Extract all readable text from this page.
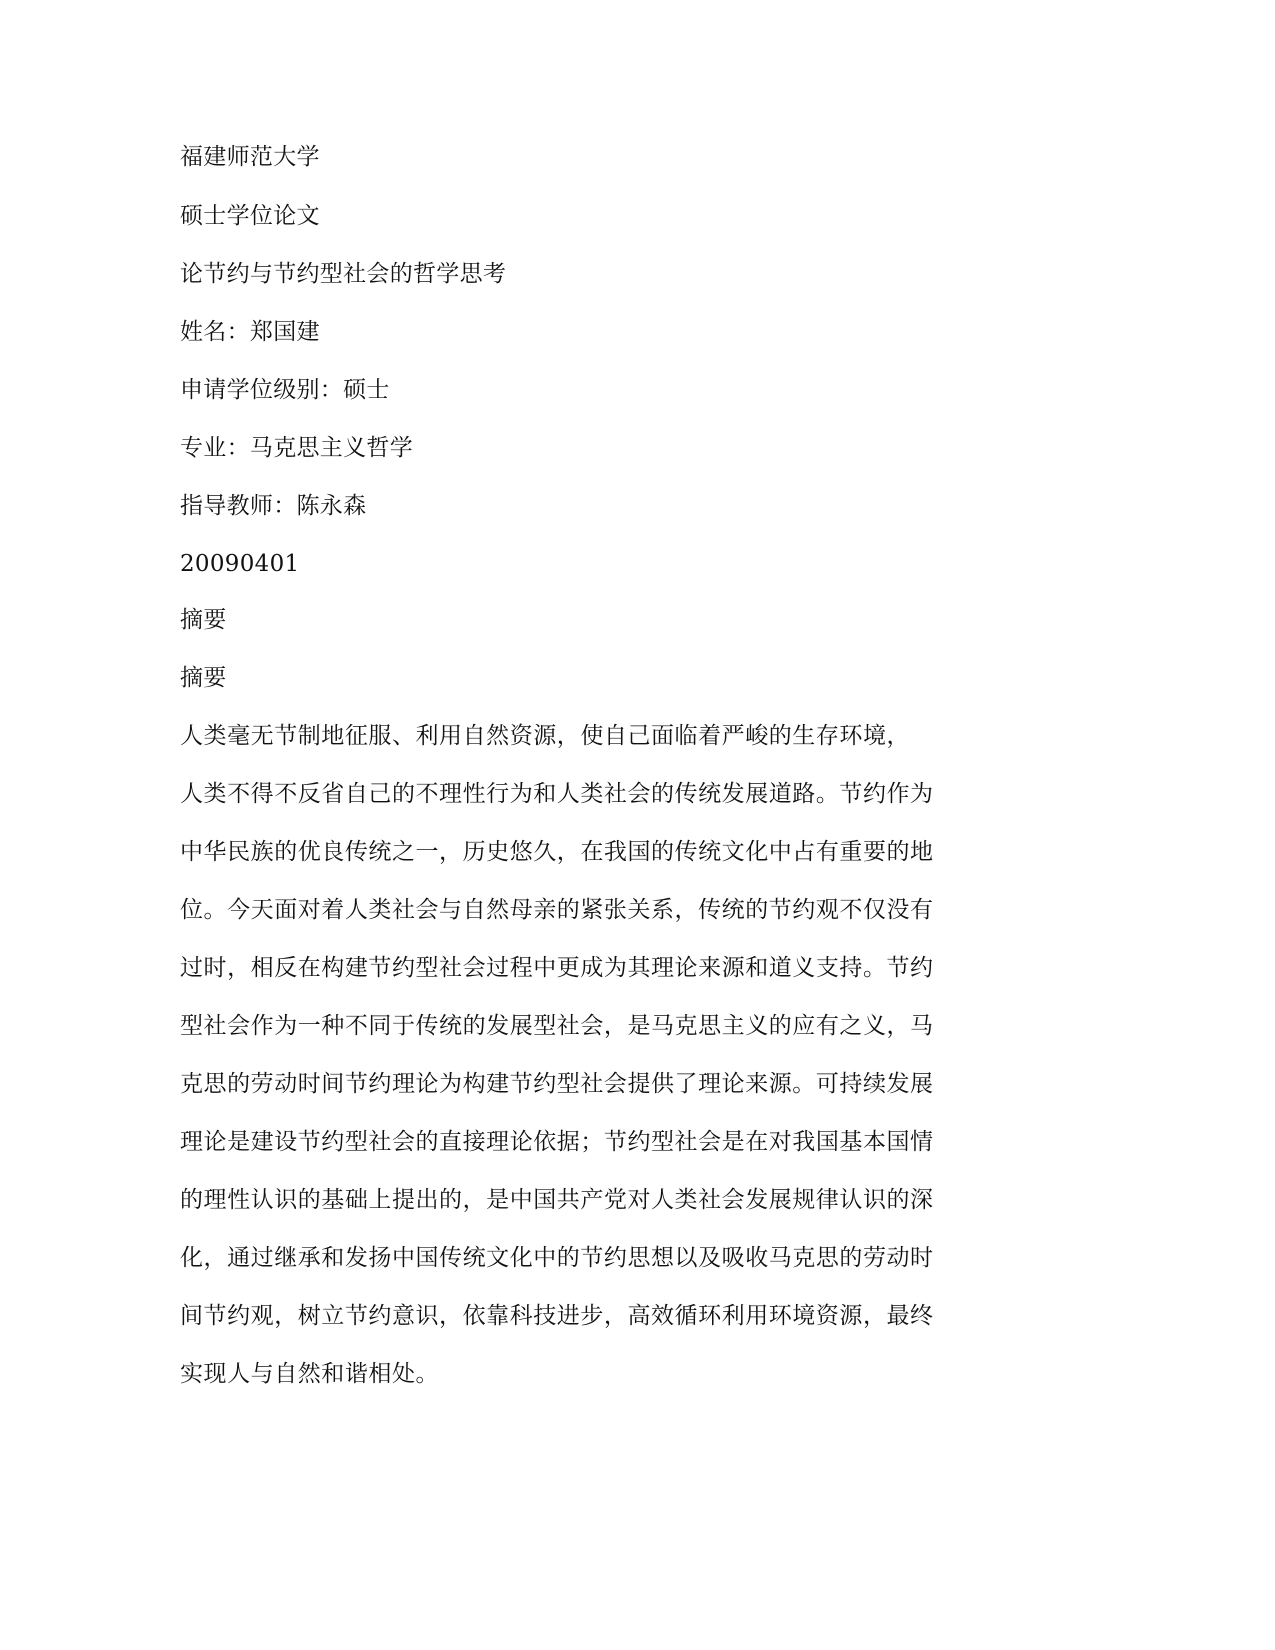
福建师范大学

硕士学位论文

论节约与节约型社会的哲学思考

姓名：郑国建

申请学位级别：硕士

专业：马克思主义哲学

指导教师：陈永森

20090401

摘要

摘要

人类毫无节制地征服、利用自然资源，使自己面临着严峻的生存环境，
人类不得不反省自己的不理性行为和人类社会的传统发展道路。节约作为
中华民族的优良传统之一，历史悠久，在我国的传统文化中占有重要的地
位。今天面对着人类社会与自然母亲的紧张关系，传统的节约观不仅没有
过时，相反在构建节约型社会过程中更成为其理论来源和道义支持。节约
型社会作为一种不同于传统的发展型社会，是马克思主义的应有之义，马
克思的劳动时间节约理论为构建节约型社会提供了理论来源。可持续发展
理论是建设节约型社会的直接理论依据；节约型社会是在对我国基本国情
的理性认识的基础上提出的，是中国共产党对人类社会发展规律认识的深
化，通过继承和发扬中国传统文化中的节约思想以及吸收马克思的劳动时
间节约观，树立节约意识，依靠科技进步，高效循环利用环境资源，最终
实现人与自然和谐相处。
